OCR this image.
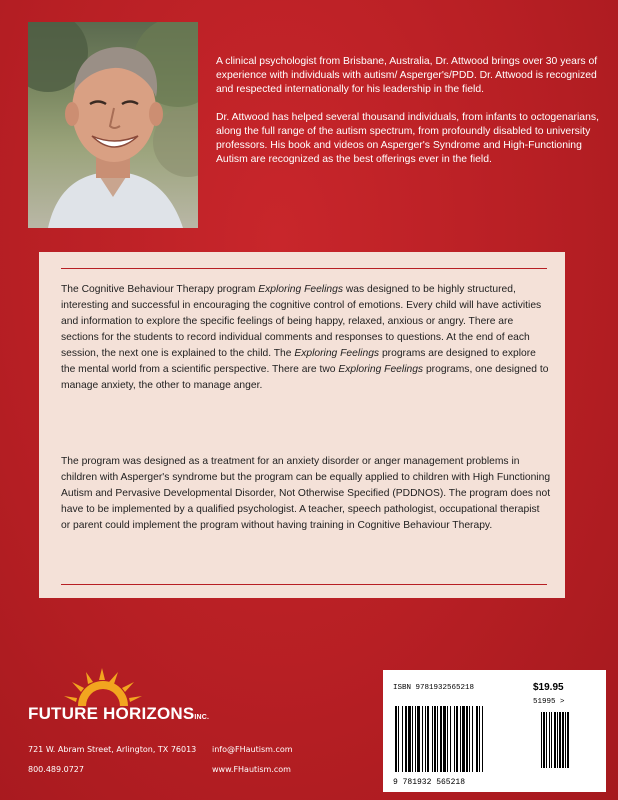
A clinical psychologist from Brisbane, Australia, Dr. Attwood brings over 30 years of experience with individuals with autism/ Asperger's/PDD. Dr. Attwood is recognized and respected internationally for his leadership in the field.

Dr. Attwood has helped several thousand individuals, from infants to octogenarians, along the full range of the autism spectrum, from profoundly disabled to university professors. His book and videos on Asperger's Syndrome and High-Functioning Autism are recognized as the best offerings ever in the field.

The Cognitive Behaviour Therapy program Exploring Feelings was designed to be highly structured, interesting and successful in encouraging the cognitive control of emotions. Every child will have activities and information to explore the specific feelings of being happy, relaxed, anxious or angry. There are sections for the students to record individual comments and responses to questions. At the end of each session, the next one is explained to the child. The Exploring Feelings programs are designed to explore the mental world from a scientific perspective. There are two Exploring Feelings programs, one designed to manage anxiety, the other to manage anger.
The program was designed as a treatment for an anxiety disorder or anger management problems in children with Asperger's syndrome but the program can be equally applied to children with High Functioning Autism and Pervasive Developmental Disorder, Not Otherwise Specified (PDDNOS). The program does not have to be implemented by a qualified psychologist. A teacher, speech pathologist, occupational therapist or parent could implement the program without having training in Cognitive Behaviour Therapy.
FUTURE HORIZONSINC.
721 W. Abram Street, Arlington, TX 76013
800.489.0727
info@FHautism.com
www.FHautism.com
ISBN 9781932565218	$19.95
51995 >
9 781932 565218
